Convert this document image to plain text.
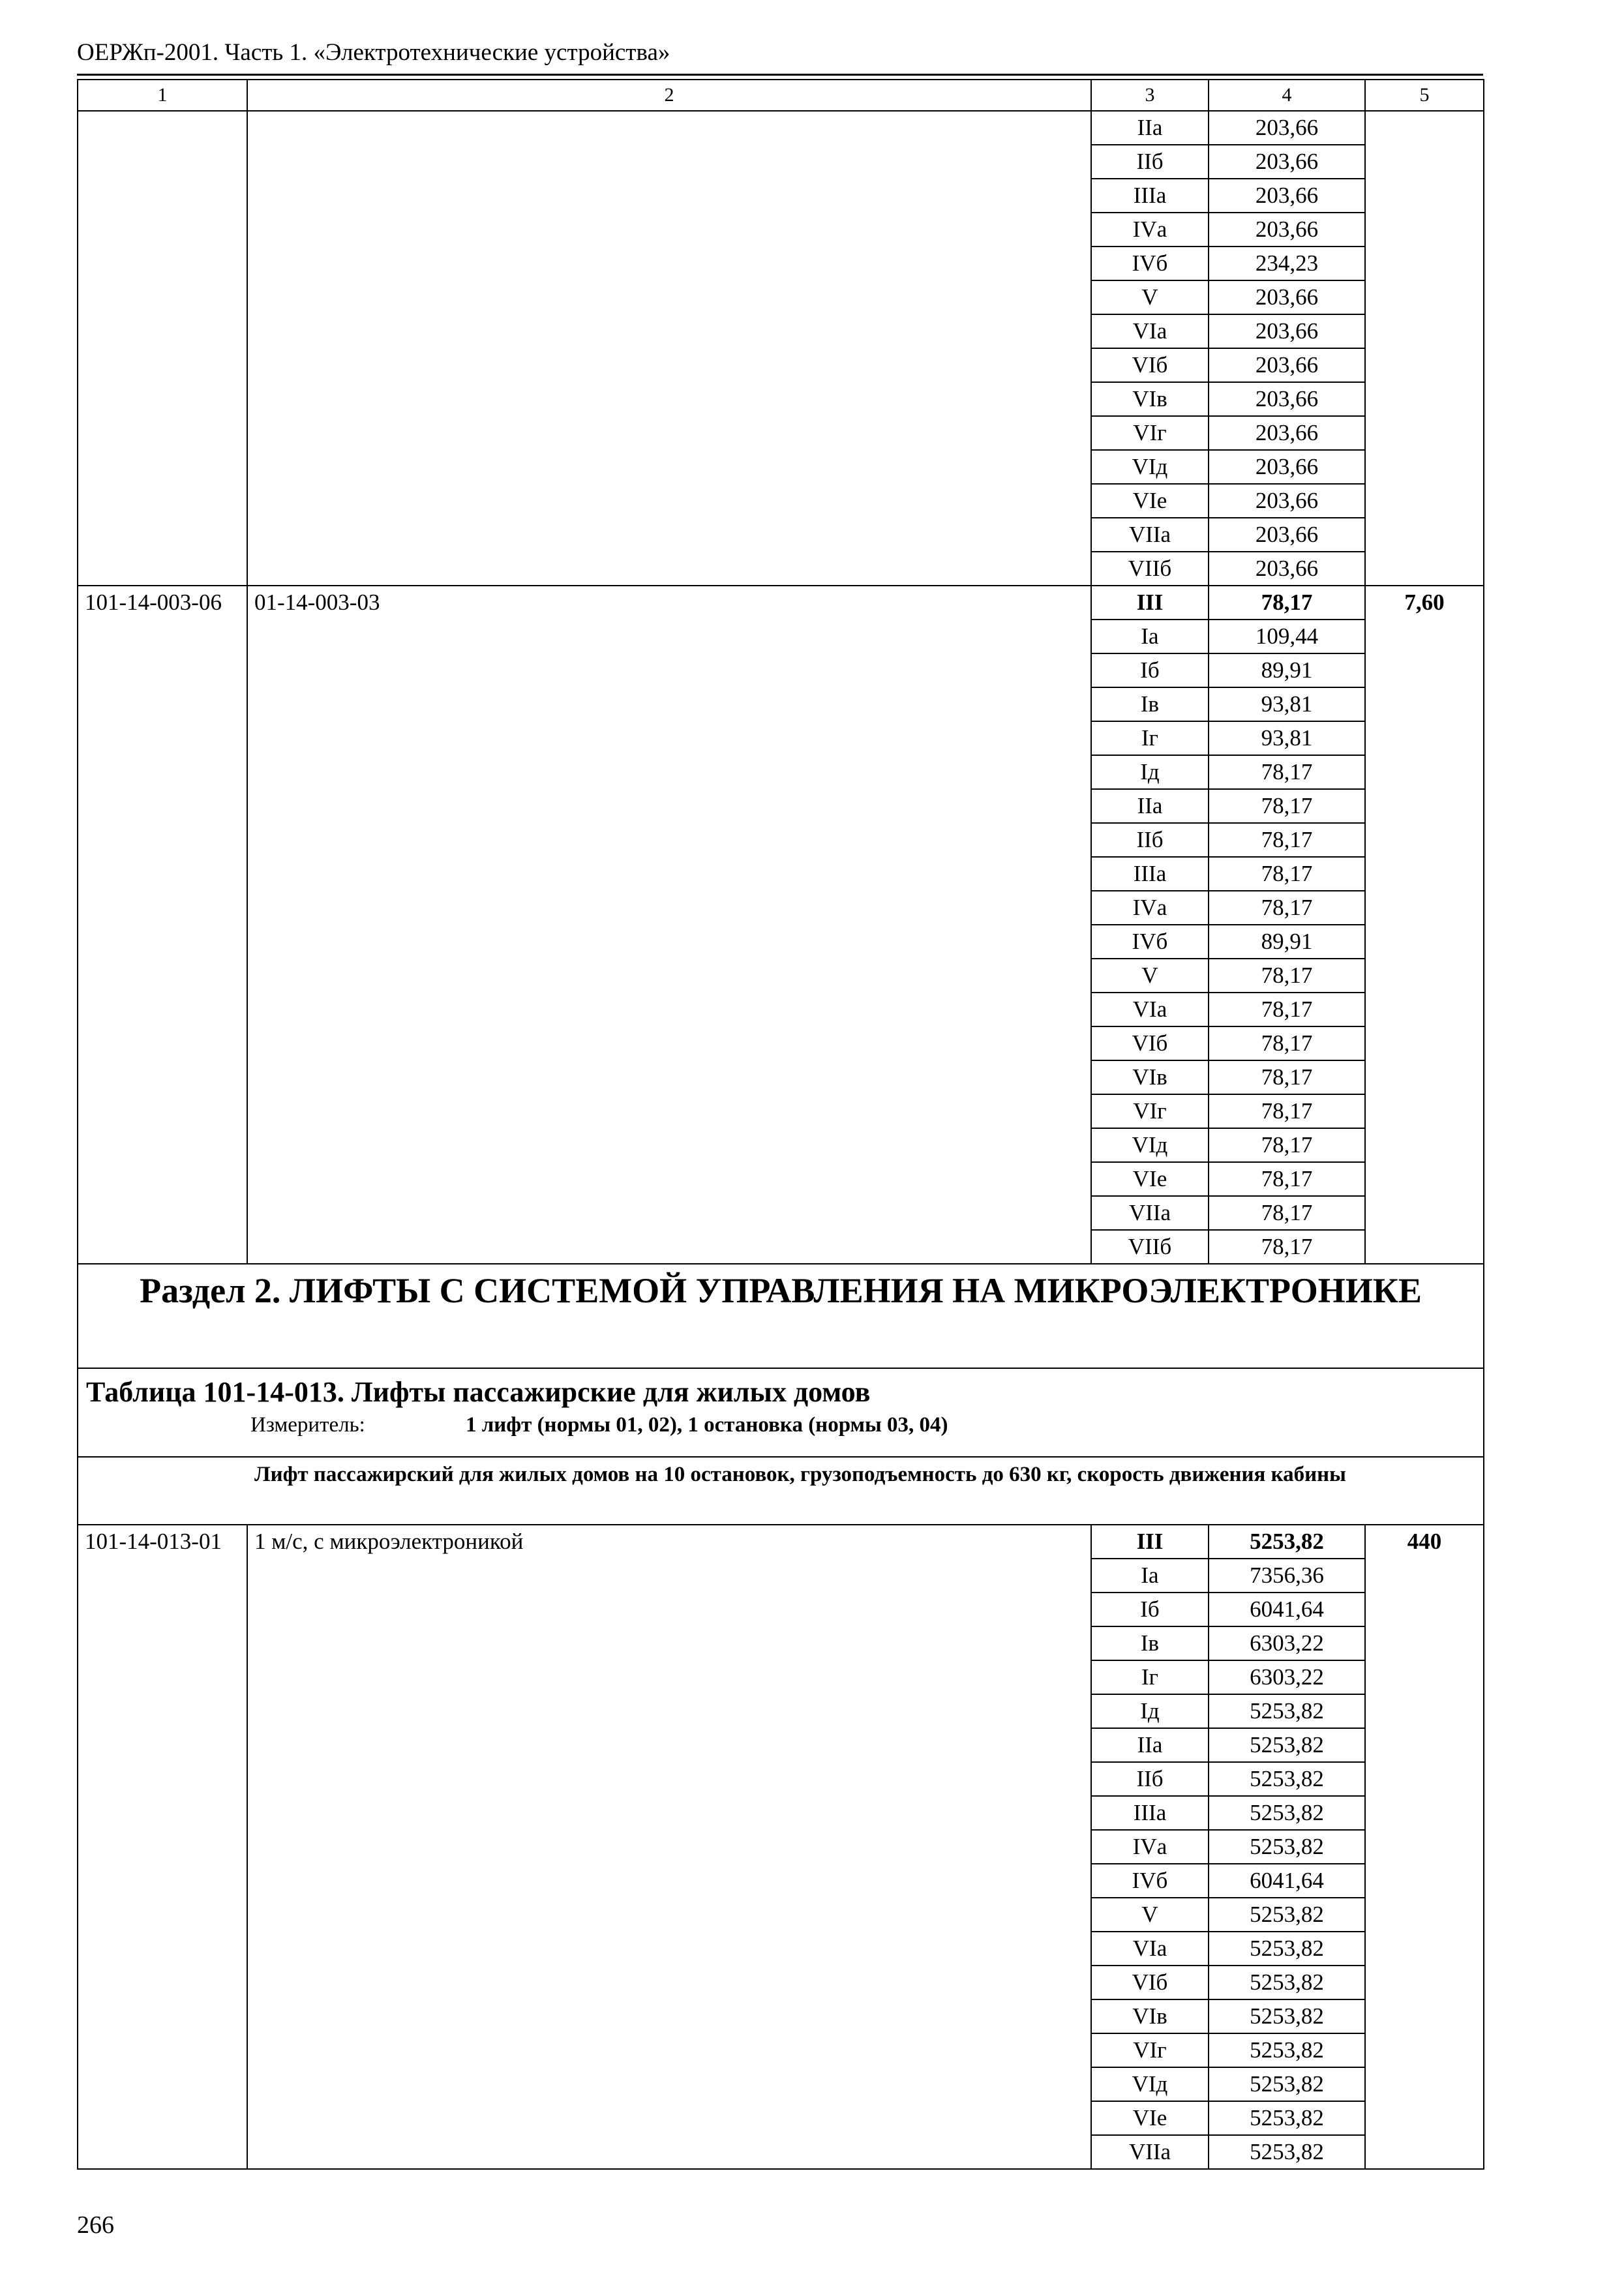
ОЕРЖп-2001. Часть 1. «Электротехнические устройства»
1	2	3	4	5
		IIа	203,66	
		IIб	203,66	
		IIIа	203,66	
		IVа	203,66	
		IVб	234,23	
		V	203,66	
		VIа	203,66	
		VIб	203,66	
		VIв	203,66	
		VIг	203,66	
		VIд	203,66	
		VIе	203,66	
		VIIа	203,66	
		VIIб	203,66	
101-14-003-06	01-14-003-03	III	78,17	7,60
		Iа	109,44	
		Iб	89,91	
		Iв	93,81	
		Iг	93,81	
		Iд	78,17	
		IIа	78,17	
		IIб	78,17	
		IIIа	78,17	
		IVа	78,17	
		IVб	89,91	
		V	78,17	
		VIа	78,17	
		VIб	78,17	
		VIв	78,17	
		VIг	78,17	
		VIд	78,17	
		VIе	78,17	
		VIIа	78,17	
		VIIб	78,17	
Раздел 2. ЛИФТЫ С СИСТЕМОЙ УПРАВЛЕНИЯ НА МИКРОЭЛЕКТРОНИКЕ				

Таблица 101-14-013. Лифты пассажирские для жилых домов
Измеритель: 1 лифт (нормы 01, 02), 1 остановка (нормы 03, 04)				

	Лифт пассажирский для жилых домов на 10 остановок, грузоподъемность до 630 кг, скорость движения кабины			
101-14-013-01	1 м/с, с микроэлектроникой	III	5253,82	440
		Iа	7356,36	
		Iб	6041,64	
		Iв	6303,22	
		Iг	6303,22	
		Iд	5253,82	
		IIа	5253,82	
		IIб	5253,82	
		IIIа	5253,82	
		IVа	5253,82	
		IVб	6041,64	
		V	5253,82	
		VIа	5253,82	
		VIб	5253,82	
		VIв	5253,82	
		VIг	5253,82	
		VIд	5253,82	
		VIе	5253,82	
		VIIа	5253,82	
266
